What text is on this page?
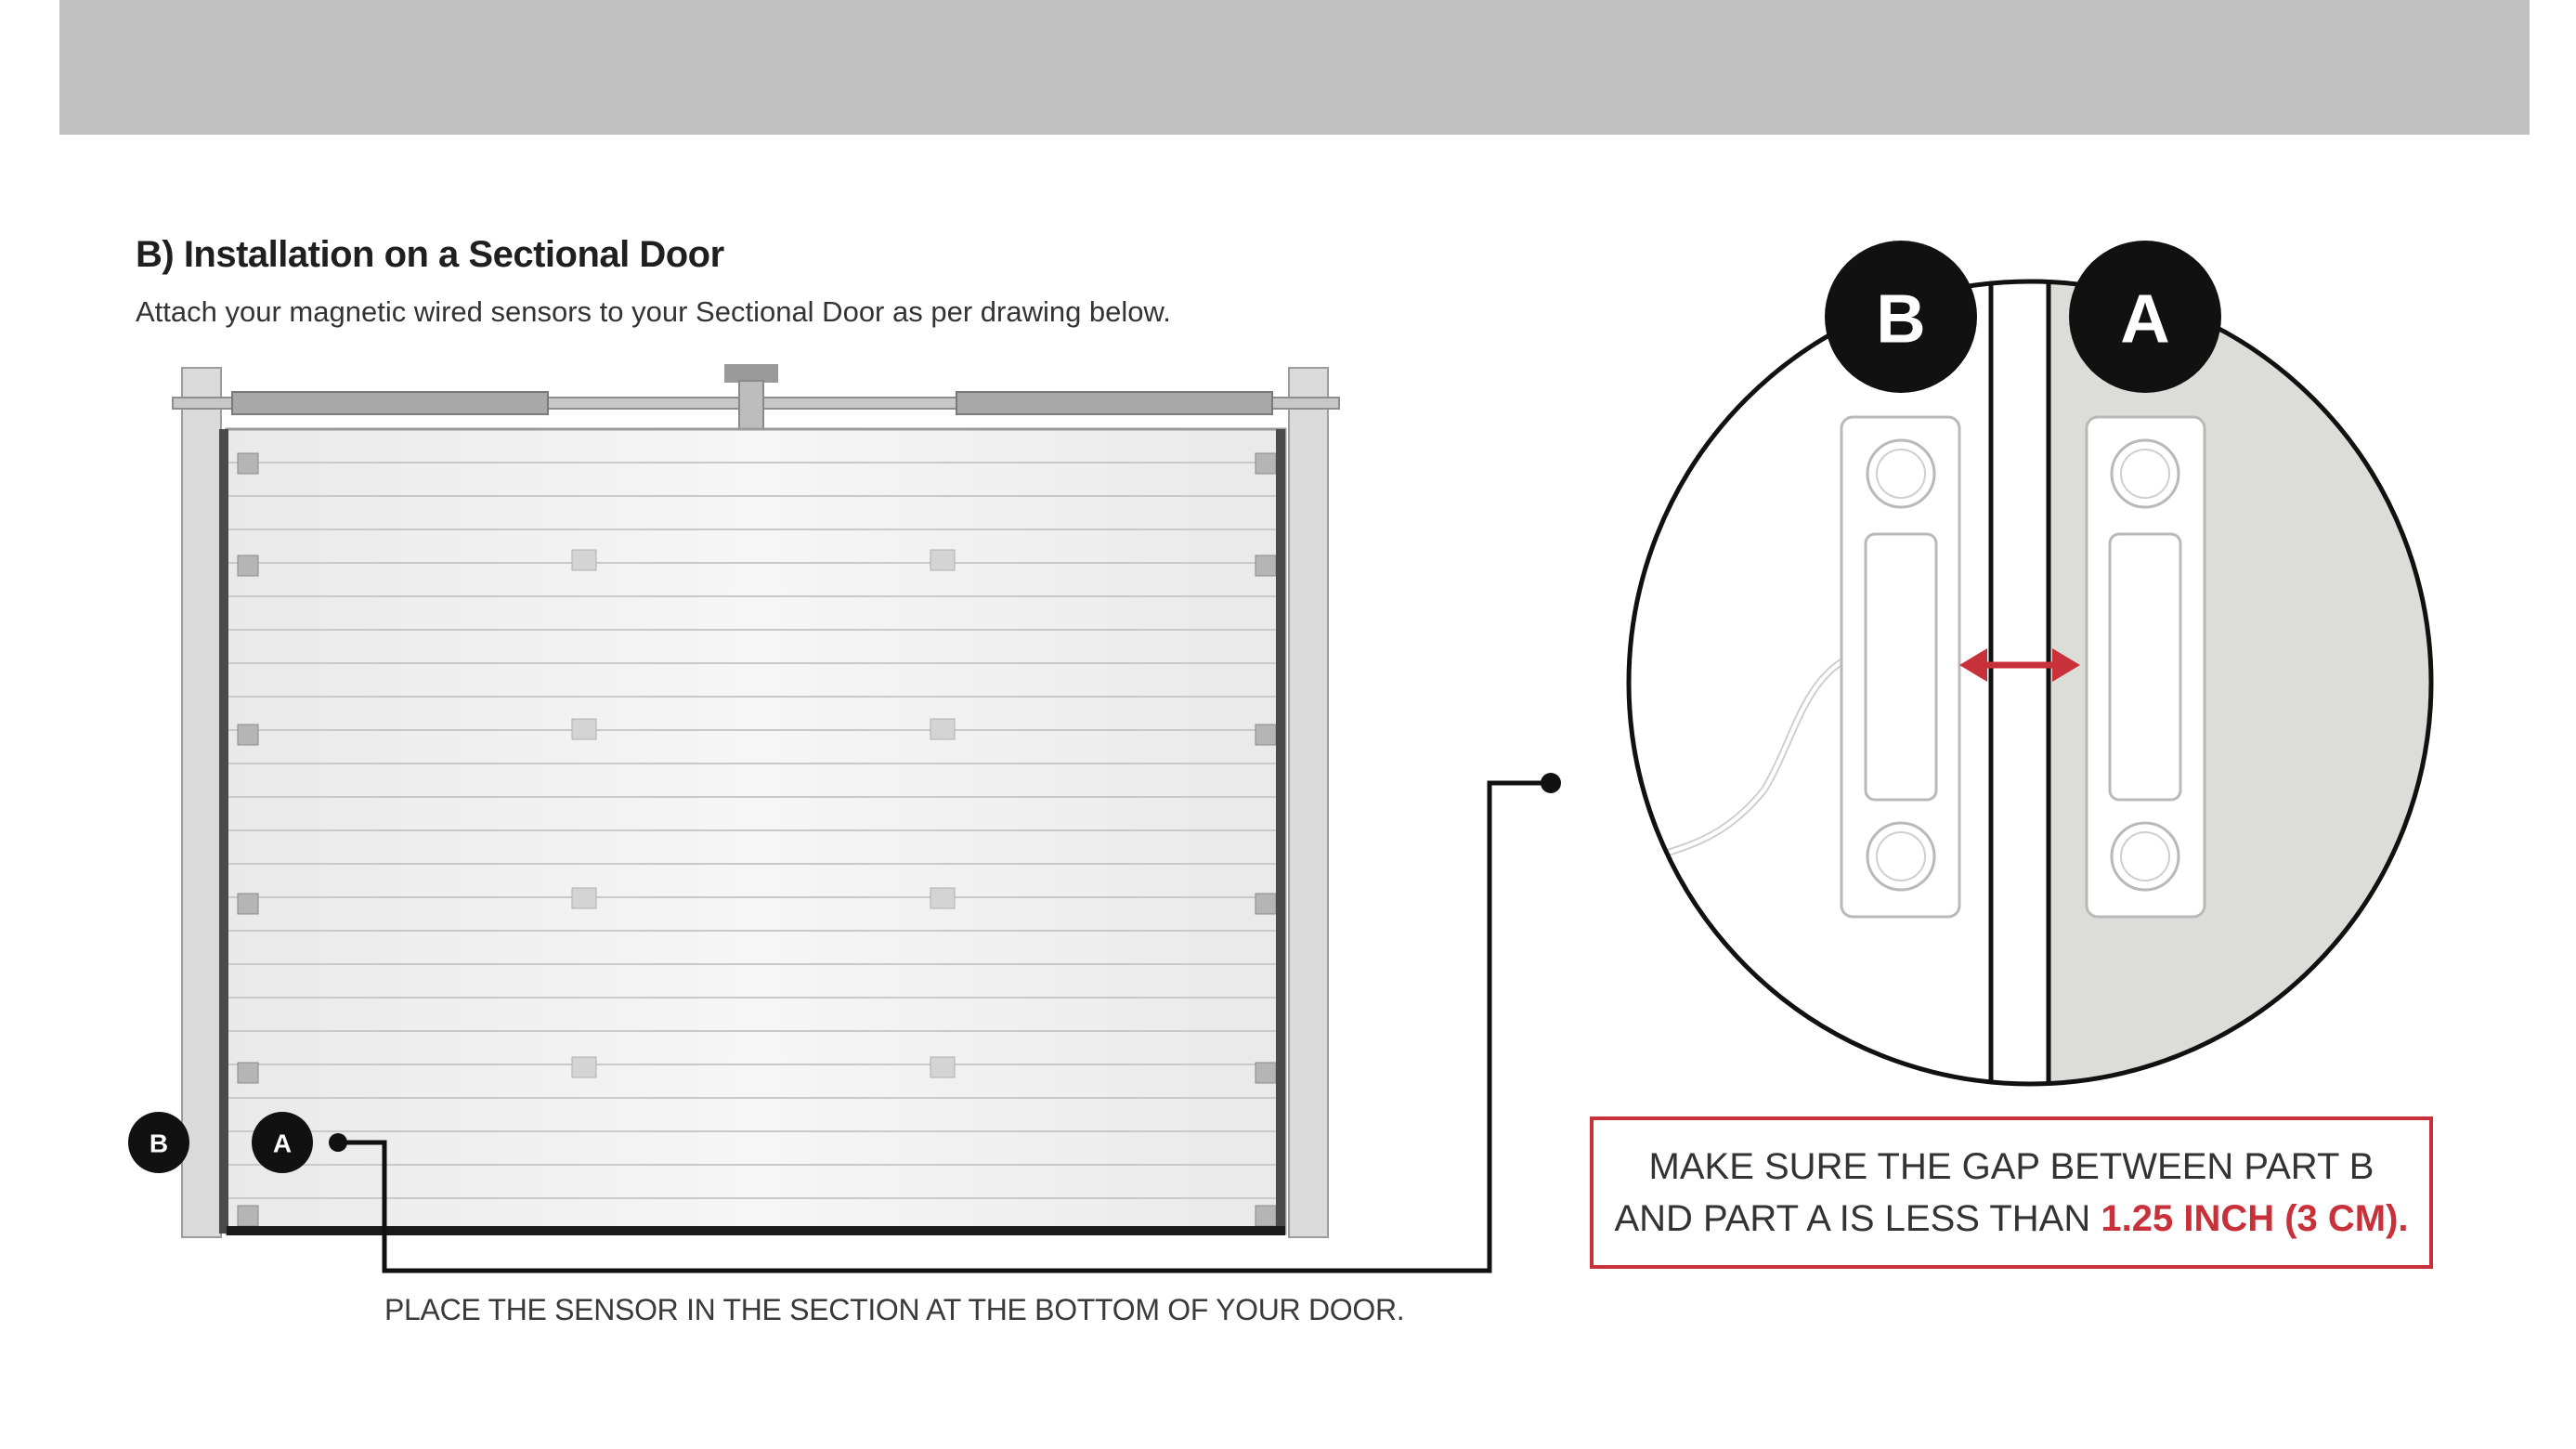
B) Installation on a Sectional Door

Attach your magnetic wired sensors to your Sectional Door as per drawing below.

B	A
B	A
PLACE THE SENSOR IN THE SECTION AT THE BOTTOM OF YOUR DOOR.
MAKE SURE THE GAP BETWEEN PART B
AND PART A IS LESS THAN 1.25 INCH (3 CM).
